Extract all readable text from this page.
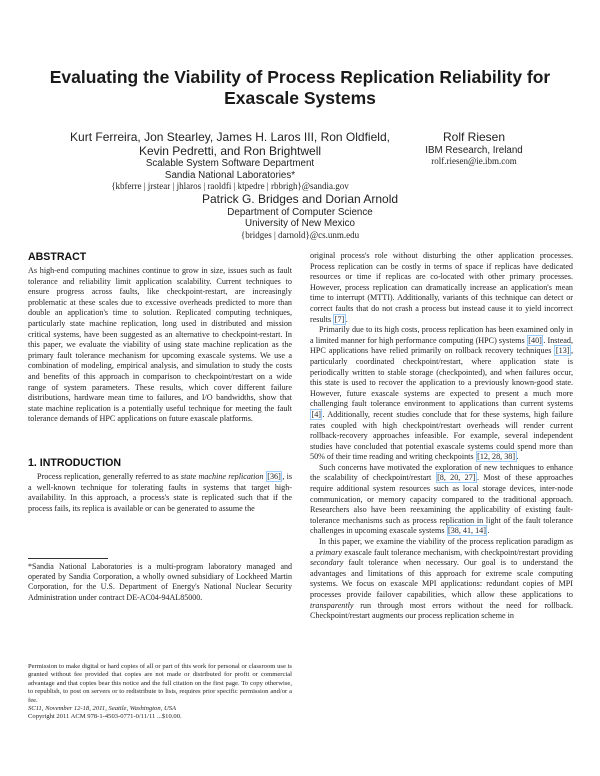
Evaluating the Viability of Process Replication Reliability for Exascale Systems
Kurt Ferreira, Jon Stearley, James H. Laros III, Ron Oldfield, Kevin Pedretti, and Ron Brightwell
Scalable System Software Department
Sandia National Laboratories*
{kbferre | jrstear | jhlaros | raoldfi | ktpedre | rbbrigh}@sandia.gov
Rolf Riesen
IBM Research, Ireland
rolf.riesen@ie.ibm.com
Patrick G. Bridges and Dorian Arnold
Department of Computer Science
University of New Mexico
{bridges | darnold}@cs.unm.edu
ABSTRACT

As high-end computing machines continue to grow in size, issues such as fault tolerance and reliability limit application scalability. Current techniques to ensure progress across faults, like checkpoint-restart, are increasingly problematic at these scales due to excessive overheads predicted to more than double an application's time to solution. Replicated computing techniques, particularly state machine replication, long used in distributed and mission critical systems, have been suggested as an alternative to checkpoint-restart. In this paper, we evaluate the viability of using state machine replication as the primary fault tolerance mechanism for upcoming exascale systems. We use a combination of modeling, empirical analysis, and simulation to study the costs and benefits of this approach in comparison to checkpoint/restart on a wide range of system parameters. These results, which cover different failure distributions, hardware mean time to failures, and I/O bandwidths, show that state machine replication is a potentially useful technique for meeting the fault tolerance demands of HPC applications on future exascale platforms.

1. INTRODUCTION

Process replication, generally referred to as state machine replication [36] , is a well-known technique for tolerating faults in systems that target high-availability. In this approach, a process's state is replicated such that if the process fails, its replica is available or can be generated to assume the

*Sandia National Laboratories is a multi-program laboratory managed and operated by Sandia Corporation, a wholly owned subsidiary of Lockheed Martin Corporation, for the U.S. Department of Energy's National Nuclear Security Administration under contract DE-AC04-94AL85000.
Permission to make digital or hard copies of all or part of this work for personal or classroom use is granted without fee provided that copies are not made or distributed for profit or commercial advantage and that copies bear this notice and the full citation on the first page. To copy otherwise, to republish, to post on servers or to redistribute to lists, requires prior specific permission and/or a fee.
SC11, November 12-18, 2011, Seattle, Washington, USA
Copyright 2011 ACM 978-1-4503-0771-0/11/11 ...$10.00.

original process's role without disturbing the other application processes. Process replication can be costly in terms of space if replicas have dedicated resources or time if replicas are co-located with other primary processes. However, process replication can dramatically increase an application's mean time to interrupt (MTTI). Additionally, variants of this technique can detect or correct faults that do not crash a process but instead cause it to yield incorrect results [7] .

Primarily due to its high costs, process replication has been examined only in a limited manner for high performance computing (HPC) systems [40] . Instead, HPC applications have relied primarily on rollback recovery techniques [13] , particularly coordinated checkpoint/restart, where application state is periodically written to stable storage (checkpointed), and when failures occur, this state is used to recover the application to a previously known-good state. However, future exascale systems are expected to present a much more challenging fault tolerance environment to applications than current systems [4] . Additionally, recent studies conclude that for these systems, high failure rates coupled with high checkpoint/restart overheads will render current rollback-recovery approaches infeasible. For example, several independent studies have concluded that potential exascale systems could spend more than 50% of their time reading and writing checkpoints [12, 28, 38] .

Such concerns have motivated the exploration of new techniques to enhance the scalability of checkpoint/restart [8, 20, 27] . Most of these approaches require additional system resources such as local storage devices, inter-node communication, or memory capacity compared to the traditional approach. Researchers also have been reexamining the applicability of existing fault-tolerance mechanisms such as process replication in light of the fault tolerance challenges in upcoming exascale systems [38, 41, 14] .

In this paper, we examine the viability of the process replication paradigm as a primary exascale fault tolerance mechanism, with checkpoint/restart providing secondary fault tolerance when necessary. Our goal is to understand the advantages and limitations of this approach for extreme scale computing systems. We focus on exascale MPI applications: redundant copies of MPI processes provide failover capabilities, which allow these applications to transparently run through most errors without the need for rollback. Checkpoint/restart augments our process replication scheme in
